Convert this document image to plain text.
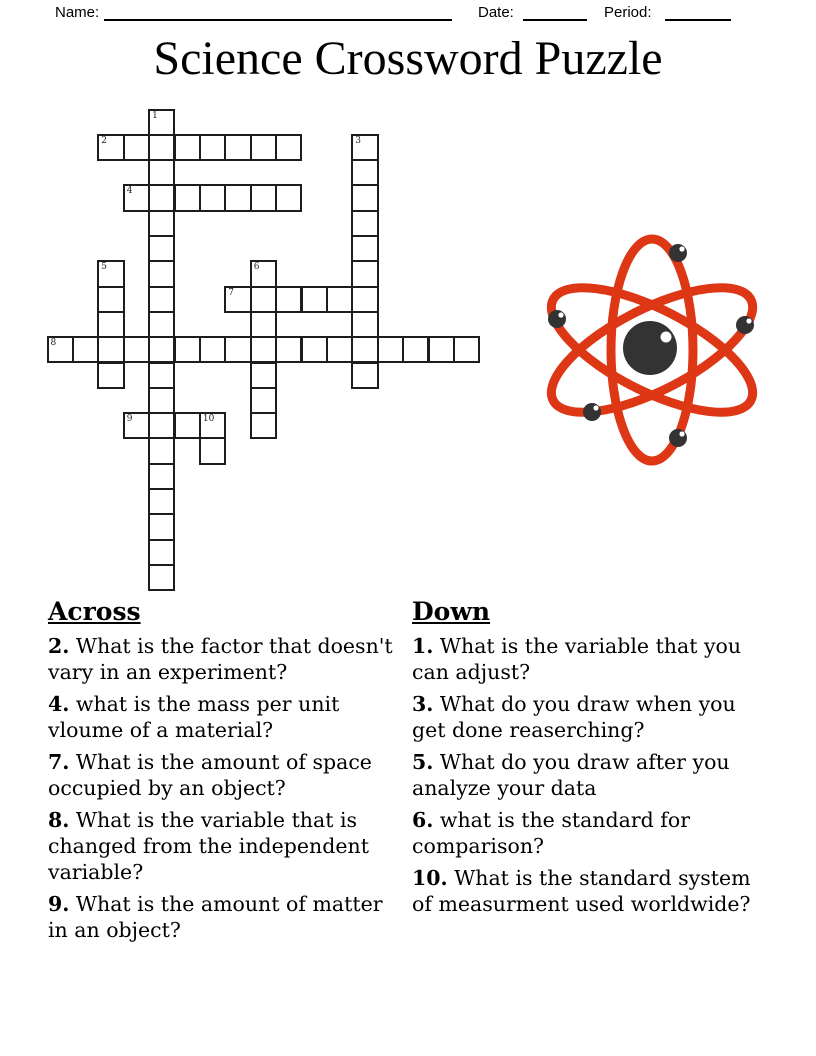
Name:	Date:	Period:
Science Crossword Puzzle
1
2	3
4
5	6
7
8
9	10

Across

2. What is the factor that doesn't vary in an experiment?

4. what is the mass per unit vloume of a material?

7. What is the amount of space occupied by an object?

8. What is the variable that is changed from the independent variable?

9. What is the amount of matter in an object?

Down

1. What is the variable that you can adjust?

3. What do you draw when you get done reaserching?

5. What do you draw after you analyze your data

6. what is the standard for comparison?

10. What is the standard system of measurment used worldwide?
